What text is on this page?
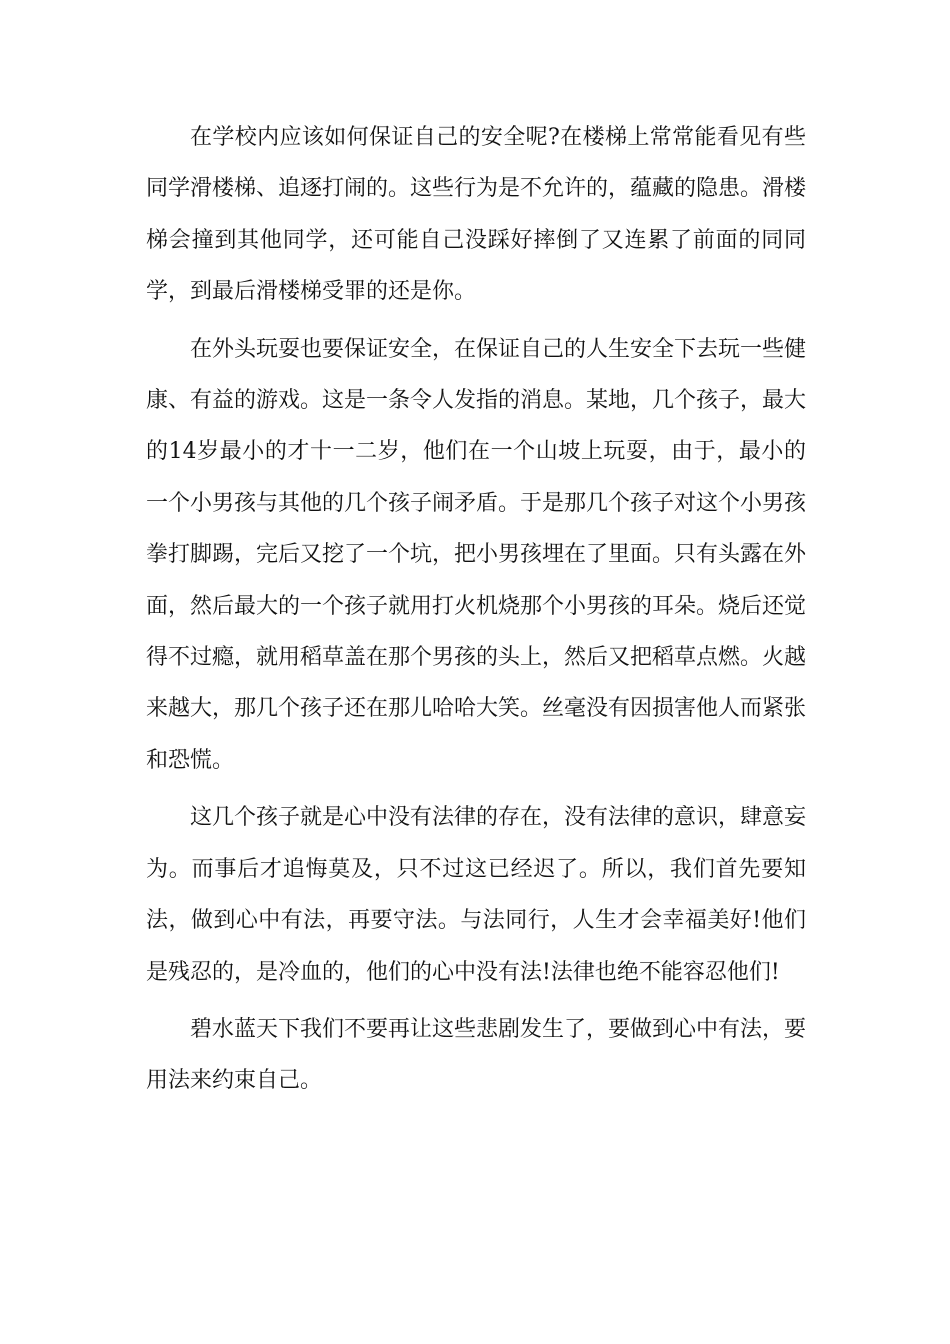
在学校内应该如何保证自己的安全呢?在楼梯上常常能看见有些同学滑楼梯、追逐打闹的。这些行为是不允许的，蕴藏的隐患。滑楼梯会撞到其他同学，还可能自己没踩好摔倒了又连累了前面的同同学，到最后滑楼梯受罪的还是你。

在外头玩耍也要保证安全，在保证自己的人生安全下去玩一些健康、有益的游戏。这是一条令人发指的消息。某地，几个孩子，最大的14岁最小的才十一二岁，他们在一个山坡上玩耍，由于，最小的一个小男孩与其他的几个孩子闹矛盾。于是那几个孩子对这个小男孩拳打脚踢，完后又挖了一个坑，把小男孩埋在了里面。只有头露在外面，然后最大的一个孩子就用打火机烧那个小男孩的耳朵。烧后还觉得不过瘾，就用稻草盖在那个男孩的头上，然后又把稻草点燃。火越来越大，那几个孩子还在那儿哈哈大笑。丝毫没有因损害他人而紧张和恐慌。

这几个孩子就是心中没有法律的存在，没有法律的意识，肆意妄为。而事后才追悔莫及，只不过这已经迟了。所以，我们首先要知法，做到心中有法，再要守法。与法同行，人生才会幸福美好!他们是残忍的，是冷血的，他们的心中没有法!法律也绝不能容忍他们!

碧水蓝天下我们不要再让这些悲剧发生了，要做到心中有法，要用法来约束自己。
